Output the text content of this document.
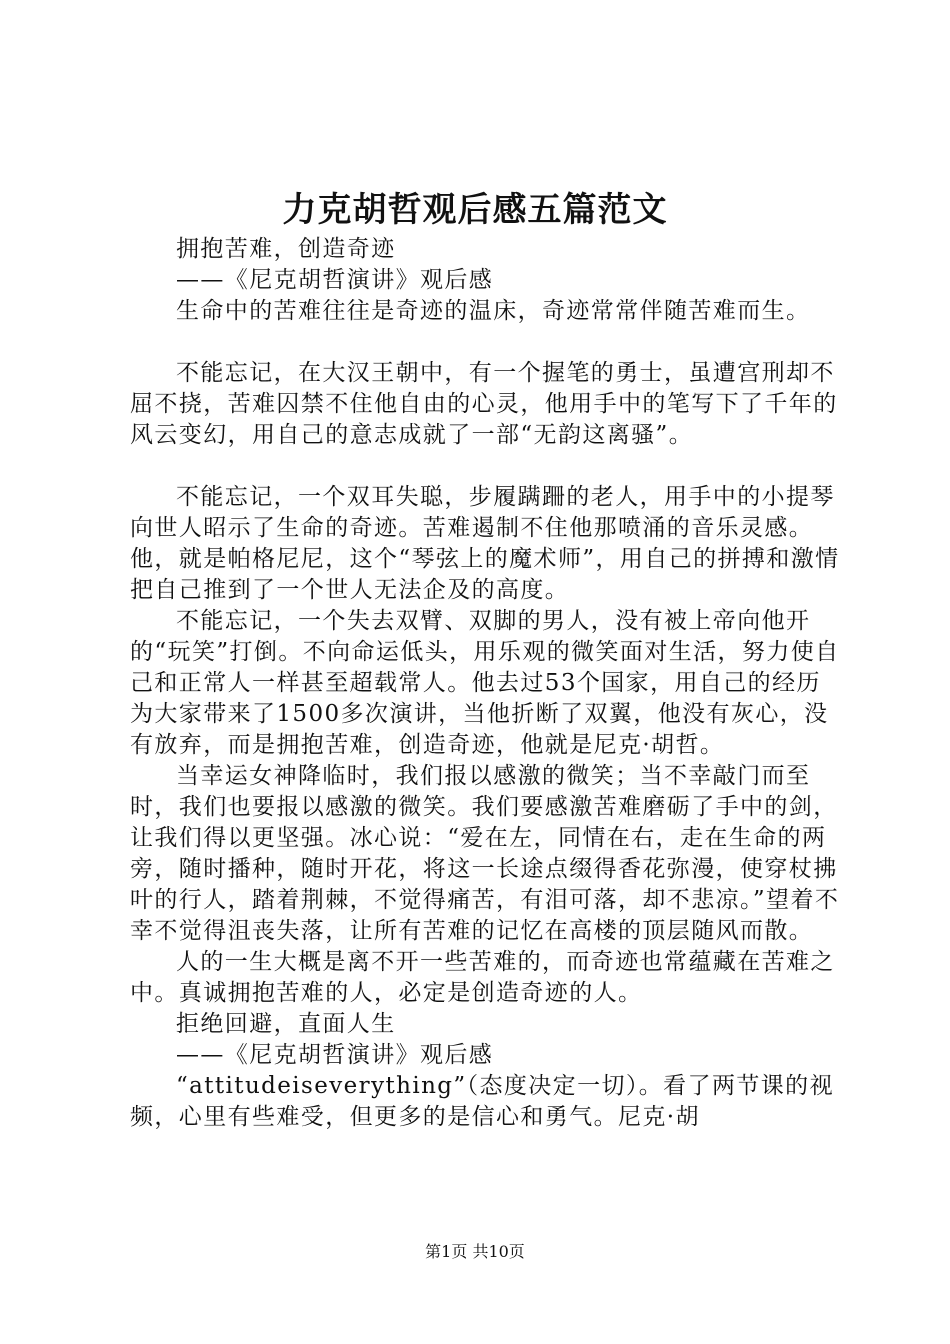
力克胡哲观后感五篇范文

拥抱苦难，创造奇迹

——《尼克胡哲演讲》观后感

生命中的苦难往往是奇迹的温床，奇迹常常伴随苦难而生。

不能忘记，在大汉王朝中，有一个握笔的勇士，虽遭宫刑却不屈不挠，苦难囚禁不住他自由的心灵，他用手中的笔写下了千年的风云变幻，用自己的意志成就了一部“无韵这离骚”。

不能忘记，一个双耳失聪，步履蹒跚的老人，用手中的小提琴向世人昭示了生命的奇迹。苦难遏制不住他那喷涌的音乐灵感。他，就是帕格尼尼，这个“琴弦上的魔术师”，用自己的拼搏和激情把自己推到了一个世人无法企及的高度。

不能忘记，一个失去双臂、双脚的男人，没有被上帝向他开的“玩笑”打倒。不向命运低头，用乐观的微笑面对生活，努力使自己和正常人一样甚至超载常人。他去过53个国家，用自己的经历为大家带来了1500多次演讲，当他折断了双翼，他没有灰心，没有放弃，而是拥抱苦难，创造奇迹，他就是尼克·胡哲。

当幸运女神降临时，我们报以感激的微笑；当不幸敲门而至时，我们也要报以感激的微笑。我们要感激苦难磨砺了手中的剑，让我们得以更坚强。冰心说：“爱在左，同情在右，走在生命的两旁，随时播种，随时开花，将这一长途点缀得香花弥漫，使穿杖拂叶的行人，踏着荆棘，不觉得痛苦，有泪可落，却不悲凉。”望着不幸不觉得沮丧失落，让所有苦难的记忆在高楼的顶层随风而散。

人的一生大概是离不开一些苦难的，而奇迹也常蕴藏在苦难之中。真诚拥抱苦难的人，必定是创造奇迹的人。

拒绝回避，直面人生

——《尼克胡哲演讲》观后感

“attitudeiseverything”（态度决定一切）。看了两节课的视频，心里有些难受，但更多的是信心和勇气。尼克·胡

第1页 共10页
